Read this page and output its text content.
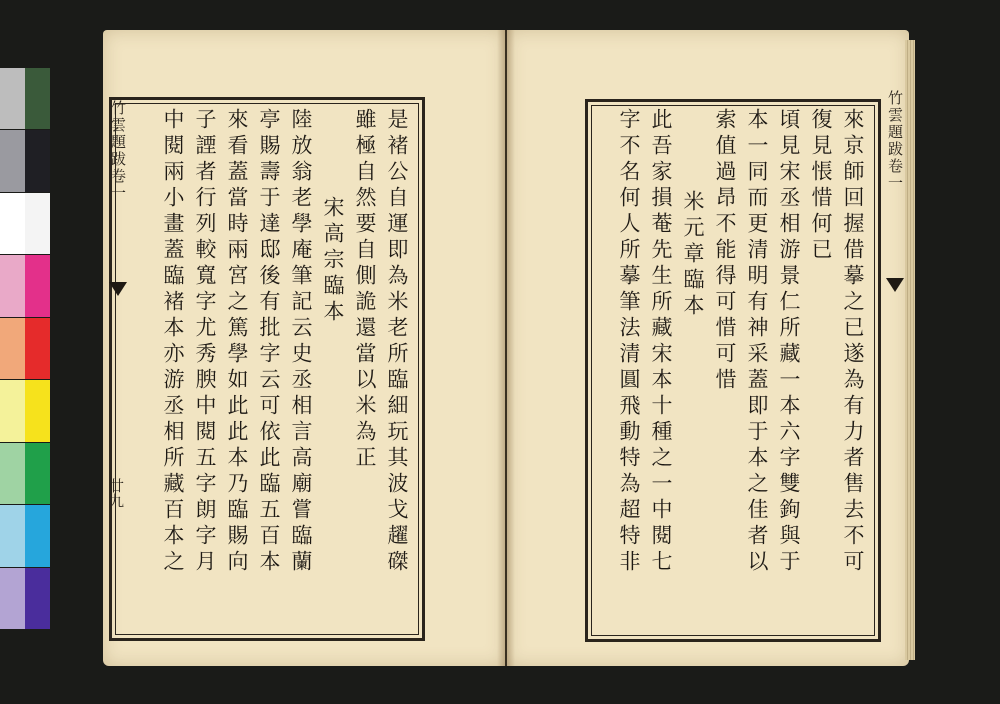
竹雲題跋卷一
廿九	是褚公自運即為米老所臨細玩其波戈趯磔
雖極自然要自側詭還當以米為正
宋高宗臨本
陸放翁老學庵筆記云史丞相言高廟嘗臨蘭
亭賜壽于達邸後有批字云可依此臨五百本
來看蓋當時兩宮之篤學如此此本乃臨賜向
子諲者行列較寬字尤秀腴中閱五字朗字月
中閱兩小畫蓋臨褚本亦游丞相所藏百本之	竹雲題跋卷一
來京師回握借摹之已遂為有力者售去不可
復見悵惜何已
頃見宋丞相游景仁所藏一本六字雙鉤與于
本一同而更清明有神采蓋即于本之佳者以
索值過昂不能得可惜可惜
米元章臨本
此吾家損菴先生所藏宋本十種之一中閱七
字不名何人所摹筆法清圓飛動特為超特非
